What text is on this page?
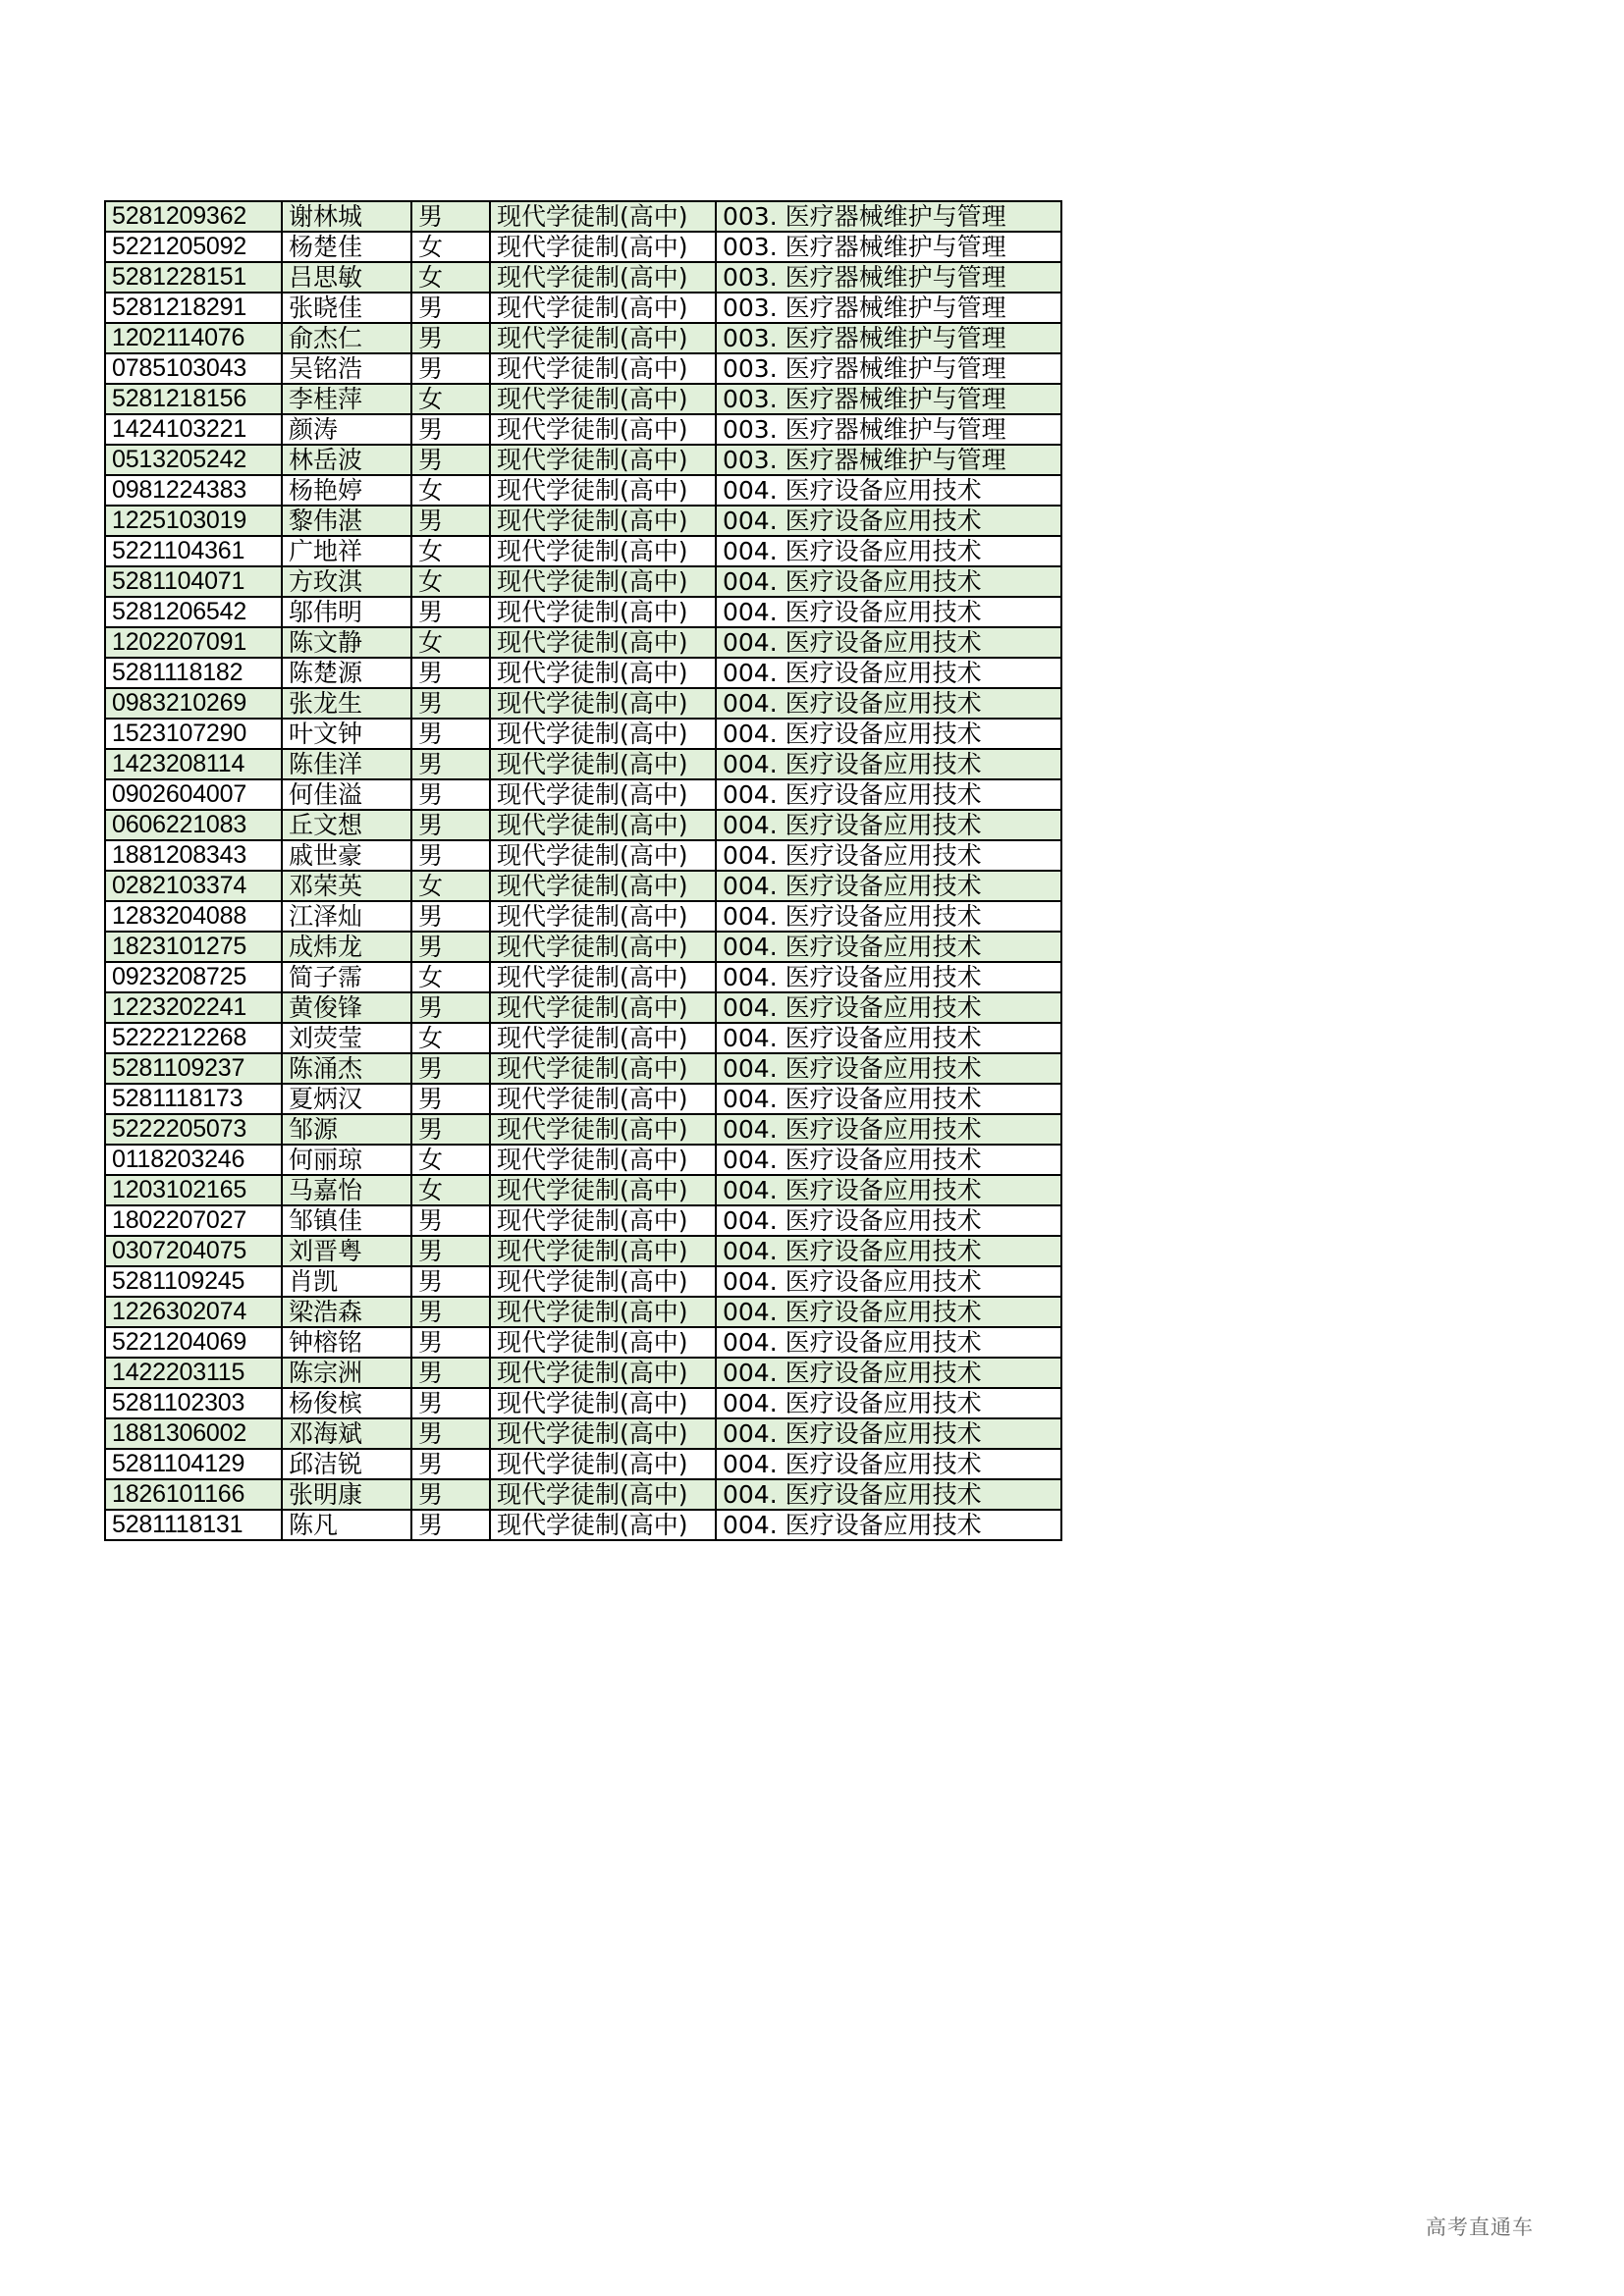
5281209362	谢林城	男	现代学徒制(高中)	003. 医疗器械维护与管理
5221205092	杨楚佳	女	现代学徒制(高中)	003. 医疗器械维护与管理
5281228151	吕思敏	女	现代学徒制(高中)	003. 医疗器械维护与管理
5281218291	张晓佳	男	现代学徒制(高中)	003. 医疗器械维护与管理
1202114076	俞杰仁	男	现代学徒制(高中)	003. 医疗器械维护与管理
0785103043	吴铭浩	男	现代学徒制(高中)	003. 医疗器械维护与管理
5281218156	李桂萍	女	现代学徒制(高中)	003. 医疗器械维护与管理
1424103221	颜涛	男	现代学徒制(高中)	003. 医疗器械维护与管理
0513205242	林岳波	男	现代学徒制(高中)	003. 医疗器械维护与管理
0981224383	杨艳婷	女	现代学徒制(高中)	004. 医疗设备应用技术
1225103019	黎伟湛	男	现代学徒制(高中)	004. 医疗设备应用技术
5221104361	广地祥	女	现代学徒制(高中)	004. 医疗设备应用技术
5281104071	方玫淇	女	现代学徒制(高中)	004. 医疗设备应用技术
5281206542	邬伟明	男	现代学徒制(高中)	004. 医疗设备应用技术
1202207091	陈文静	女	现代学徒制(高中)	004. 医疗设备应用技术
5281118182	陈楚源	男	现代学徒制(高中)	004. 医疗设备应用技术
0983210269	张龙生	男	现代学徒制(高中)	004. 医疗设备应用技术
1523107290	叶文钟	男	现代学徒制(高中)	004. 医疗设备应用技术
1423208114	陈佳洋	男	现代学徒制(高中)	004. 医疗设备应用技术
0902604007	何佳溢	男	现代学徒制(高中)	004. 医疗设备应用技术
0606221083	丘文想	男	现代学徒制(高中)	004. 医疗设备应用技术
1881208343	戚世豪	男	现代学徒制(高中)	004. 医疗设备应用技术
0282103374	邓荣英	女	现代学徒制(高中)	004. 医疗设备应用技术
1283204088	江泽灿	男	现代学徒制(高中)	004. 医疗设备应用技术
1823101275	成炜龙	男	现代学徒制(高中)	004. 医疗设备应用技术
0923208725	简子霈	女	现代学徒制(高中)	004. 医疗设备应用技术
1223202241	黄俊锋	男	现代学徒制(高中)	004. 医疗设备应用技术
5222212268	刘荧莹	女	现代学徒制(高中)	004. 医疗设备应用技术
5281109237	陈涌杰	男	现代学徒制(高中)	004. 医疗设备应用技术
5281118173	夏炳汉	男	现代学徒制(高中)	004. 医疗设备应用技术
5222205073	邹源	男	现代学徒制(高中)	004. 医疗设备应用技术
0118203246	何丽琼	女	现代学徒制(高中)	004. 医疗设备应用技术
1203102165	马嘉怡	女	现代学徒制(高中)	004. 医疗设备应用技术
1802207027	邹镇佳	男	现代学徒制(高中)	004. 医疗设备应用技术
0307204075	刘晋粤	男	现代学徒制(高中)	004. 医疗设备应用技术
5281109245	肖凯	男	现代学徒制(高中)	004. 医疗设备应用技术
1226302074	梁浩森	男	现代学徒制(高中)	004. 医疗设备应用技术
5221204069	钟榕铭	男	现代学徒制(高中)	004. 医疗设备应用技术
1422203115	陈宗洲	男	现代学徒制(高中)	004. 医疗设备应用技术
5281102303	杨俊槟	男	现代学徒制(高中)	004. 医疗设备应用技术
1881306002	邓海斌	男	现代学徒制(高中)	004. 医疗设备应用技术
5281104129	邱洁锐	男	现代学徒制(高中)	004. 医疗设备应用技术
1826101166	张明康	男	现代学徒制(高中)	004. 医疗设备应用技术
5281118131	陈凡	男	现代学徒制(高中)	004. 医疗设备应用技术
高考直通车
